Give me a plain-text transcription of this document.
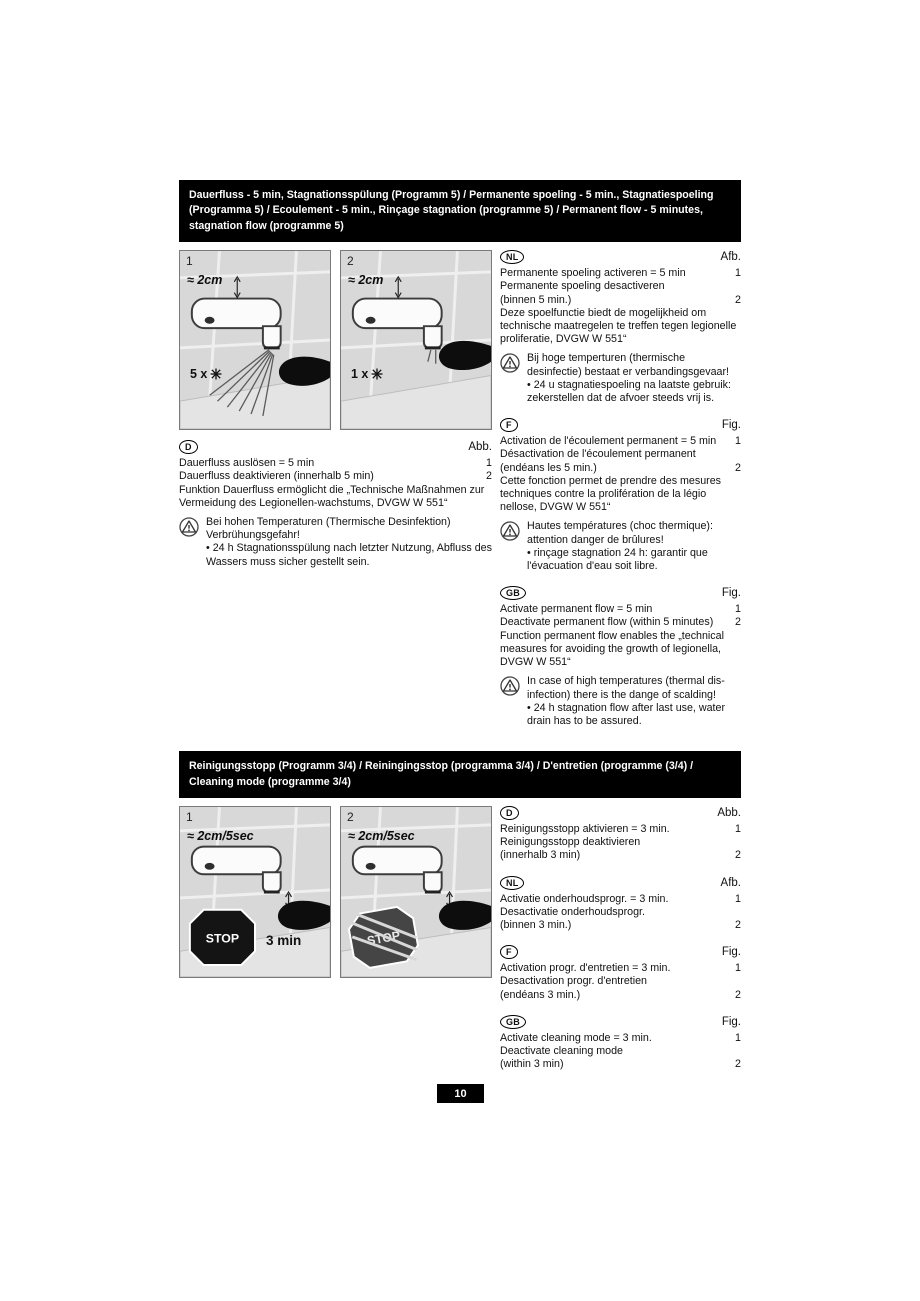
Dauerfluss - 5 min, Stagnationsspülung (Programm 5) / Permanente spoeling - 5 min., Stagnatiespoeling (Programma 5) / Ecoulement - 5 min., Rinçage stagnation (programme 5) / Permanent flow - 5 minutes, stagnation flow (programme 5)
1
≈ 2cm
5 x
2
≈ 2cm
1 x
D	Abb.
Dauerfluss auslösen = 5 min	1
Dauerfluss deaktivieren (innerhalb 5 min)	2

Funktion Dauerfluss ermöglicht die „Technische Maßnahmen zur Vermeidung des Legionellen-wachstums, DVGW W 551“

Bei hohen Temperaturen (Thermische Desinfektion) Verbrühungsgefahr!
• 24 h Stagnationsspülung nach letzter Nutzung, Abfluss des Wassers muss sicher gestellt sein.
NL	Afb.
Permanente spoeling activeren = 5 min	1
Permanente spoeling desactiveren
(binnen 5 min.)	2

Deze spoelfunctie biedt de mogelijkheid om technische maatregelen te treffen tegen legionelle proliferatie, DVGW W 551“

Bij hoge temperturen (thermische desinfectie) bestaat er verbandingsgevaar!
• 24 u stagnatiespoeling na laatste gebruik: zekerstellen dat de afvoer steeds vrij is.
F	Fig.
Activation de l'écoulement permanent = 5 min 1
Désactivation de l'écoulement permanent
(endéans les 5 min.)	2

Cette fonction permet de prendre des mesures techniques contre la prolifération de la légio nellose, DVGW W 551“

Hautes températures (choc thermique): attention danger de brûlures!
• rinçage stagnation 24 h: garantir que l'évacuation d'eau soit libre.
GB	Fig.
Activate permanent flow = 5 min	1
Deactivate permanent flow (within 5 minutes) 2

Function permanent flow enables the „technical measures for avoiding the growth of legionella, DVGW W 551“

In case of high temperatures (thermal dis-infection) there is the dange of scalding!
• 24 h stagnation flow after last use, water drain has to be assured.
Reinigungsstopp (Programm 3/4) / Reiningingsstop (programma 3/4) / D'entretien (programme (3/4) / Cleaning mode (programme 3/4)
STOP
1
≈ 2cm/5sec
3 min	STOP
2
≈ 2cm/5sec
D	Abb.
Reinigungsstopp aktivieren = 3 min.	1
Reinigungsstopp deaktivieren
(innerhalb 3 min)	2
NL	Afb.
Activatie onderhoudsprogr. = 3 min.	1
Desactivatie onderhoudsprogr.
(binnen 3 min.)	2
F	Fig.
Activation progr. d'entretien = 3 min.	1
Desactivation progr. d'entretien
(endéans 3 min.)	2
GB	Fig.
Activate cleaning mode = 3 min.	1
Deactivate cleaning mode
(within 3 min)	2
10
